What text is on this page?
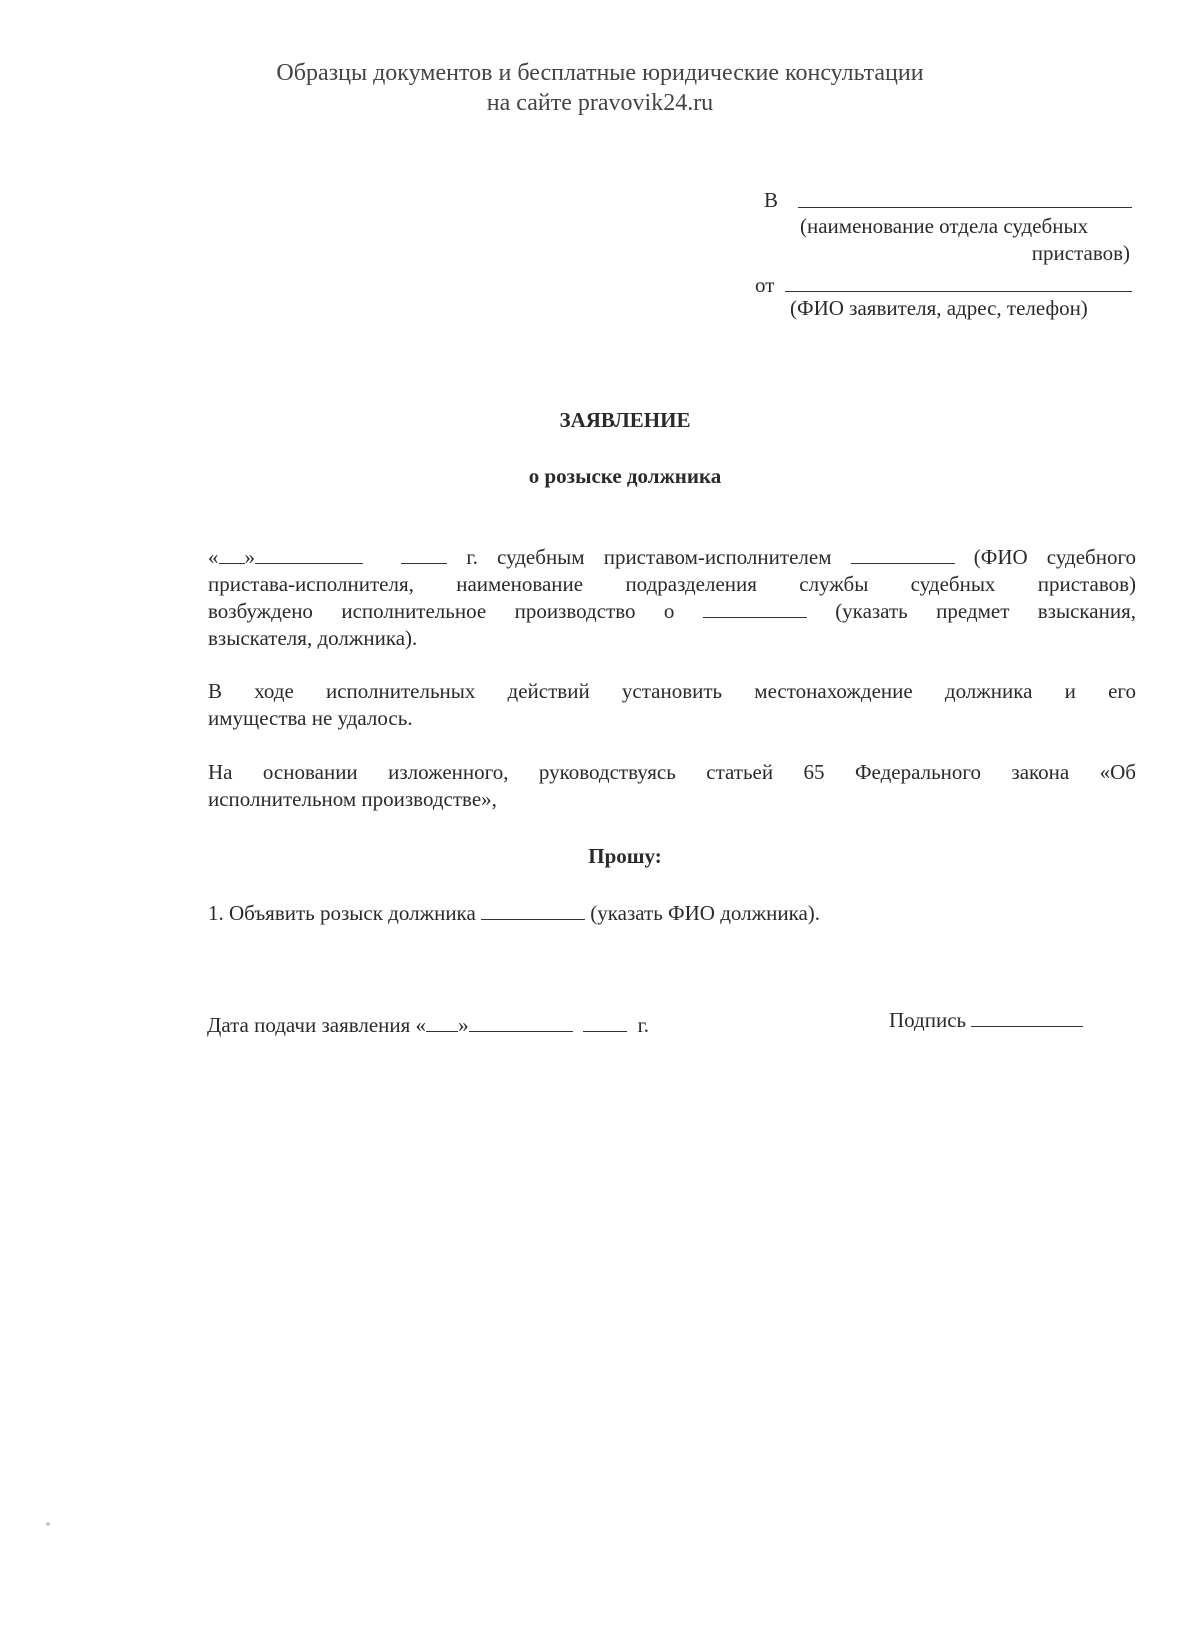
Образцы документов и бесплатные юридические консультации
на сайте pravovik24.ru
В
(наименование отдела судебных
приставов)
от
(ФИО заявителя, адрес, телефон)
ЗАЯВЛЕНИЕ
о розыске должника
« »	г. судебным приставом-исполнителем	(ФИО судебного
пристава-исполнителя, наименование подразделения службы судебных приставов)
возбуждено исполнительное производство о	(указать предмет взыскания,
взыскателя, должника).
В ходе исполнительных действий установить местонахождение должника и его
имущества не удалось.
На основании изложенного, руководствуясь статьей 65 Федерального закона «Об
исполнительном производстве»,
Прошу:
1. Объявить розыск должника	(указать ФИО должника).
Дата подачи заявления « »	г.	Подпись
